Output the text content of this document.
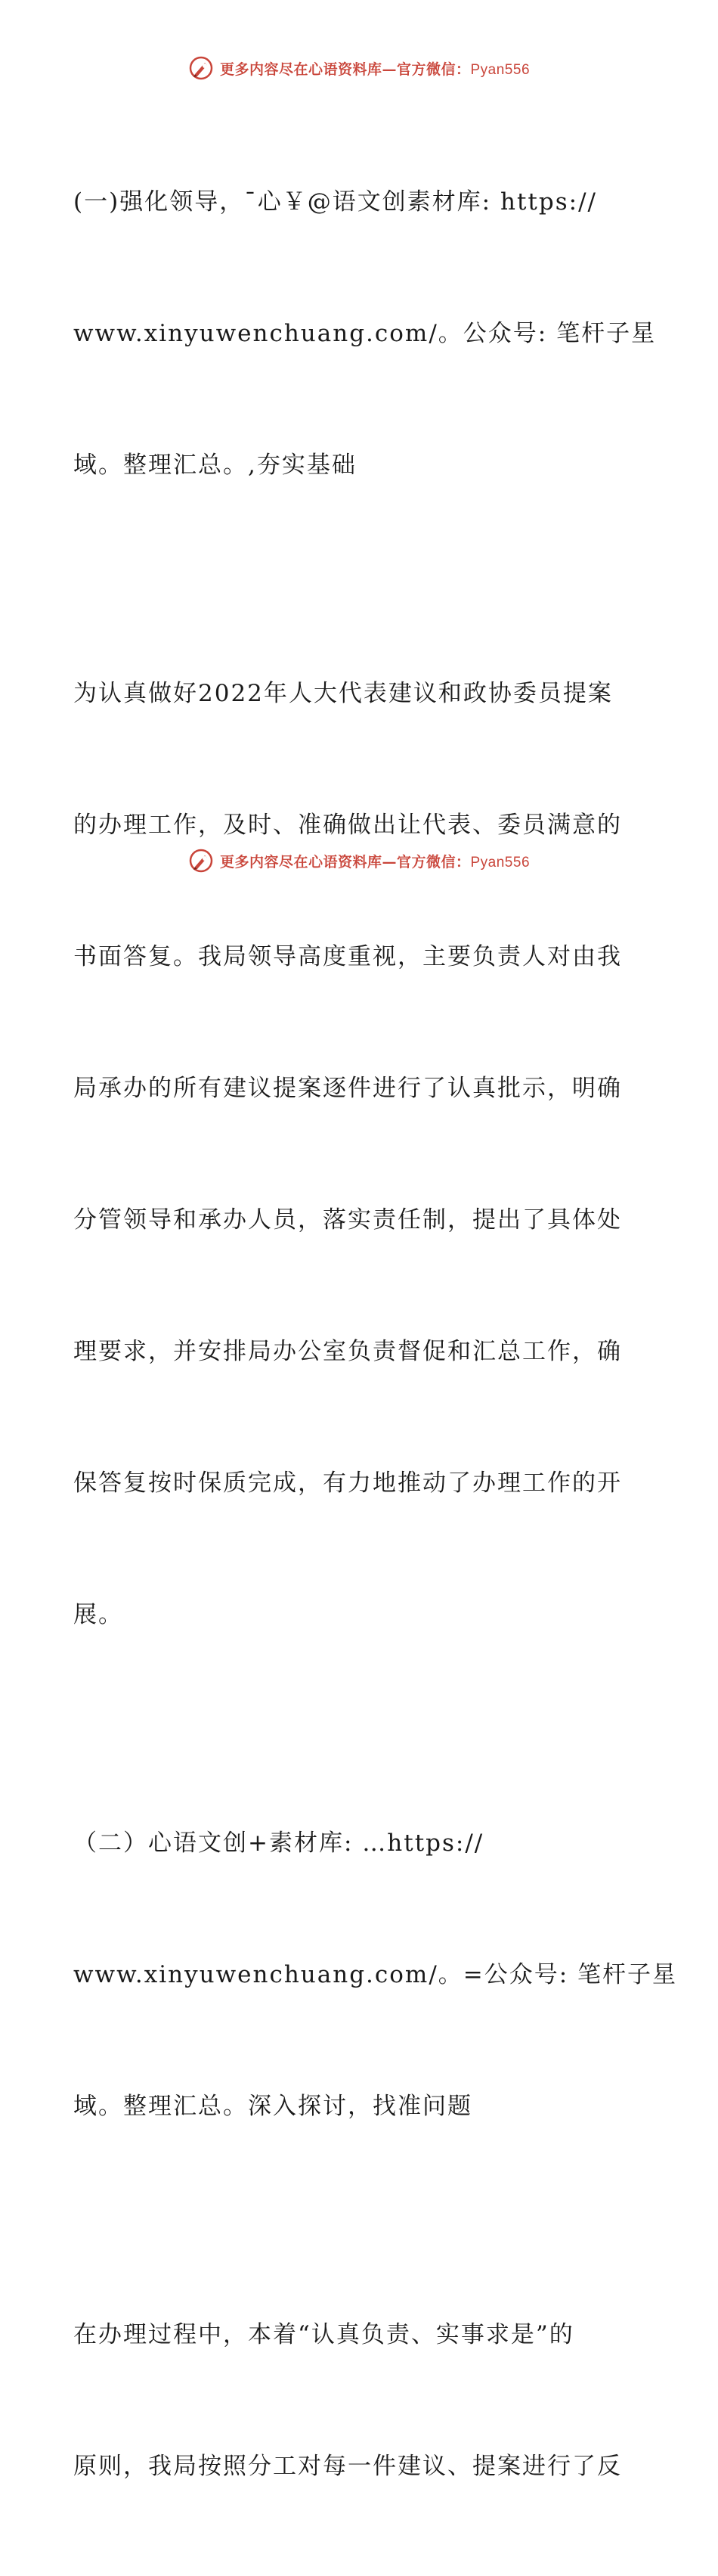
更多内容尽在心语资料库—官方微信：Pyan556

(一)强化领导，¯心￥@语文创素材库: https://

www.xinyuwenchuang.com/。公众号: 笔杆子星

域。整理汇总。,夯实基础

为认真做好2022年人大代表建议和政协委员提案

的办理工作，及时、准确做出让代表、委员满意的

书面答复。我局领导高度重视，主要负责人对由我

局承办的所有建议提案逐件进行了认真批示，明确

分管领导和承办人员，落实责任制，提出了具体处

理要求，并安排局办公室负责督促和汇总工作，确

保答复按时保质完成，有力地推动了办理工作的开

展。

（二）心语文创+素材库: …https://

www.xinyuwenchuang.com/。=公众号: 笔杆子星

域。整理汇总。深入探讨，找准问题

在办理过程中，本着“认真负责、实事求是”的

原则，我局按照分工对每一件建议、提案进行了反

更多内容尽在心语资料库—官方微信：Pyan556
